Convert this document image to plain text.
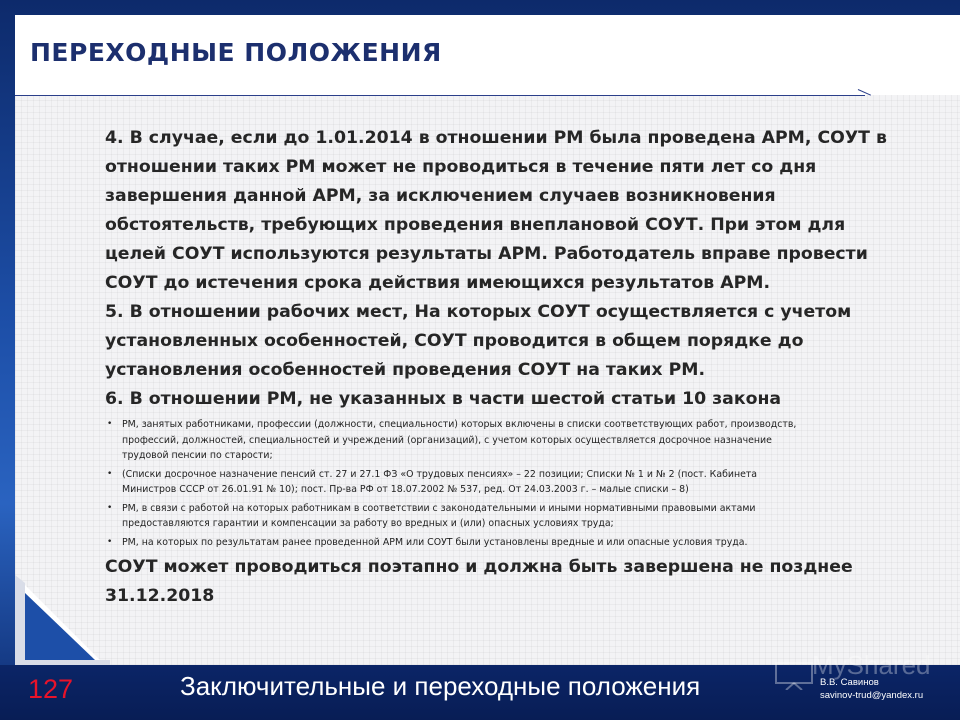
ПЕРЕХОДНЫЕ ПОЛОЖЕНИЯ

4. В случае, если до 1.01.2014 в отношении РМ была проведена АРМ, СОУТ в
отношении таких РМ может не проводиться в течение пяти лет со дня
завершения данной АРМ, за исключением случаев возникновения
обстоятельств, требующих проведения внеплановой СОУТ. При этом для
целей СОУТ используются результаты АРМ. Работодатель вправе провести
СОУТ до истечения срока действия имеющихся результатов АРМ.

5. В отношении рабочих мест, На которых СОУТ осуществляется с учетом
установленных особенностей, СОУТ проводится в общем порядке до
установления особенностей проведения СОУТ на таких РМ.

6. В отношении РМ, не указанных в части шестой статьи 10 закона

• РМ, занятых работниками, профессии (должности, специальности) которых включены в списки соответствующих работ, производств,
профессий, должностей, специальностей и учреждений (организаций), с учетом которых осуществляется досрочное назначение
трудовой пенсии по старости;
• (Списки досрочное назначение пенсий ст. 27 и 27.1 ФЗ «О трудовых пенсиях» – 22 позиции; Списки № 1 и № 2 (пост. Кабинета
Министров СССР от 26.01.91 № 10); пост. Пр-ва РФ от 18.07.2002 № 537, ред. От 24.03.2003 г. – малые списки – 8)
• РМ, в связи с работой на которых работникам в соответствии с законодательными и иными нормативными правовыми актами
предоставляются гарантии и компенсации за работу во вредных и (или) опасных условиях труда;
• РМ, на которых по результатам ранее проведенной АРМ или СОУТ были установлены вредные и или опасные условия труда.

СОУТ может проводиться поэтапно и должна быть завершена не позднее
31.12.2018

127	Заключительные и переходные положения
MyShared
В.В. Савинов
savinov-trud@yandex.ru
